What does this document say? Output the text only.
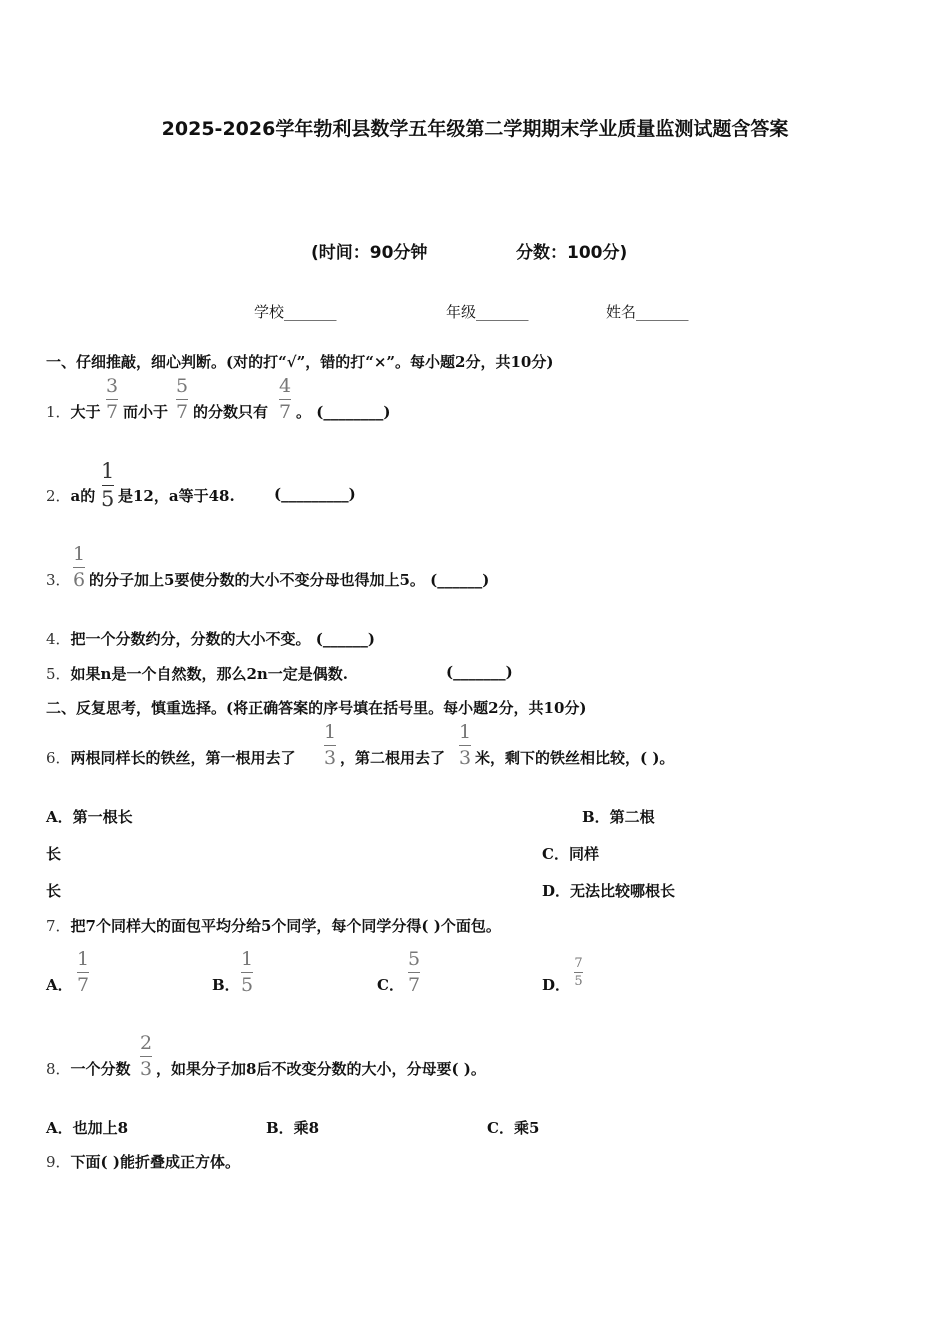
2025-2026学年勃利县数学五年级第二学期期末学业质量监测试题含答案
(时间：90分钟	分数：100分)
学校_______	年级_______	姓名_______
一、仔细推敲，细心判断。(对的打“√”，错的打“×”。每小题2分，共10分)
1．大于
3
7 而小于
5
7 的分数只有
4
7 。 (________)
2．a的
1
5 是12，a等于48.	(_________)
3．
1
6 的分子加上5要使分数的大小不变分母也得加上5。 (______)
4．把一个分数约分，分数的大小不变。 (______)
5．如果n是一个自然数，那么2n一定是偶数.	(_______)
二、反复思考，慎重选择。(将正确答案的序号填在括号里。每小题2分，共10分)
6．两根同样长的铁丝，第一根用去了
1
3 ，第二根用去了
1
3 米，剩下的铁丝相比较，( )。
A．第一根长	B．第二根
长	C．同样
长	D．无法比较哪根长
7．把7个同样大的面包平均分给5个同学，每个同学分得( )个面包。
A．
1
7	B．
1
5	C．
5
7	D．
7
5
8．一个分数
2
3 ，如果分子加8后不改变分数的大小，分母要( )。
A．也加上8	B．乘8	C．乘5
9．下面( )能折叠成正方体。
